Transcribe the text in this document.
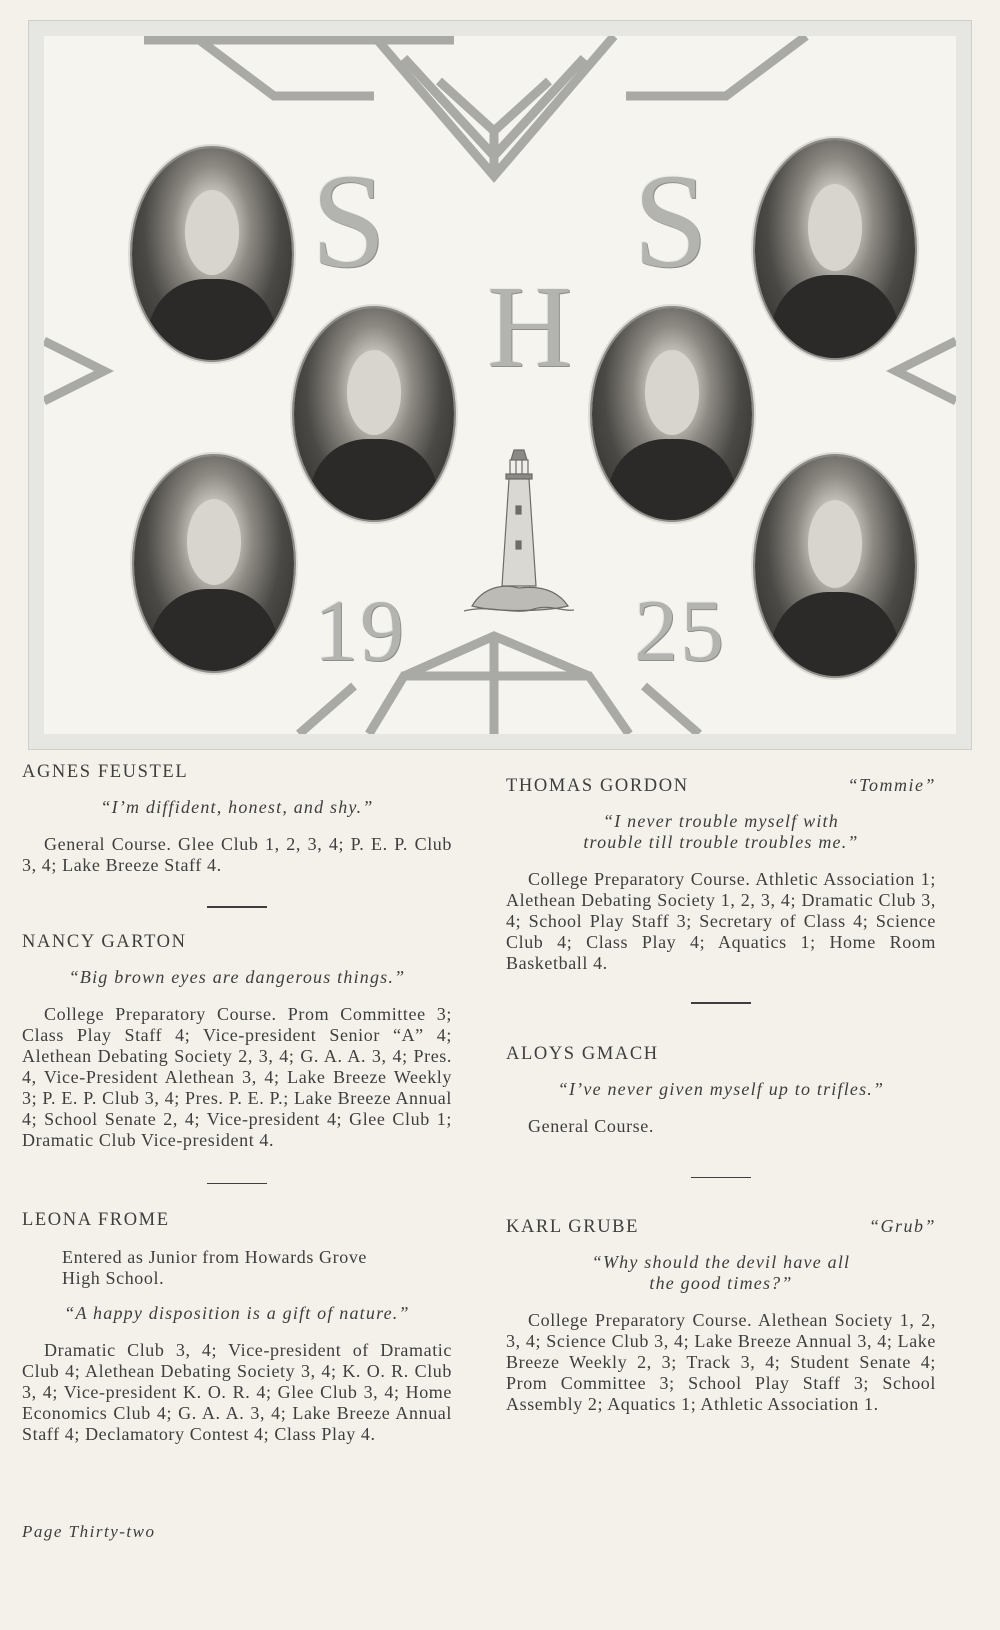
S S
H
19	25
AGNES FEUSTEL

“I’m diffident, honest, and shy.”

General Course. Glee Club 1, 2, 3, 4; P. E. P. Club 3, 4; Lake Breeze Staff 4.

NANCY GARTON

“Big brown eyes are dangerous things.”

College Preparatory Course. Prom Committee 3; Class Play Staff 4; Vice-president Senior “A” 4; Alethean Debating Society 2, 3, 4; G. A. A. 3, 4; Pres. 4, Vice-President Alethean 3, 4; Lake Breeze Weekly 3; P. E. P. Club 3, 4; Pres. P. E. P.; Lake Breeze Annual 4; School Senate 2, 4; Vice-president 4; Glee Club 1; Dramatic Club Vice-president 4.

LEONA FROME

Entered as Junior from Howards Grove
High School.

“A happy disposition is a gift of nature.”

Dramatic Club 3, 4; Vice-president of Dramatic Club 4; Alethean Debating Society 3, 4; K. O. R. Club 3, 4; Vice-president K. O. R. 4; Glee Club 3, 4; Home Economics Club 4; G. A. A. 3, 4; Lake Breeze Annual Staff 4; Declamatory Contest 4; Class Play 4.

THOMAS GORDON	“Tommie”

“I never trouble myself with
trouble till trouble troubles me.”

College Preparatory Course. Athletic Association 1; Alethean Debating Society 1, 2, 3, 4; Dramatic Club 3, 4; School Play Staff 3; Secretary of Class 4; Science Club 4; Class Play 4; Aquatics 1; Home Room Basketball 4.

ALOYS GMACH

“I’ve never given myself up to trifles.”

General Course.

KARL GRUBE	“Grub”

“Why should the devil have all
the good times?”

College Preparatory Course. Alethean Society 1, 2, 3, 4; Science Club 3, 4; Lake Breeze Annual 3, 4; Lake Breeze Weekly 2, 3; Track 3, 4; Student Senate 4; Prom Committee 3; School Play Staff 3; School Assembly 2; Aquatics 1; Athletic Association 1.

Page Thirty-two
